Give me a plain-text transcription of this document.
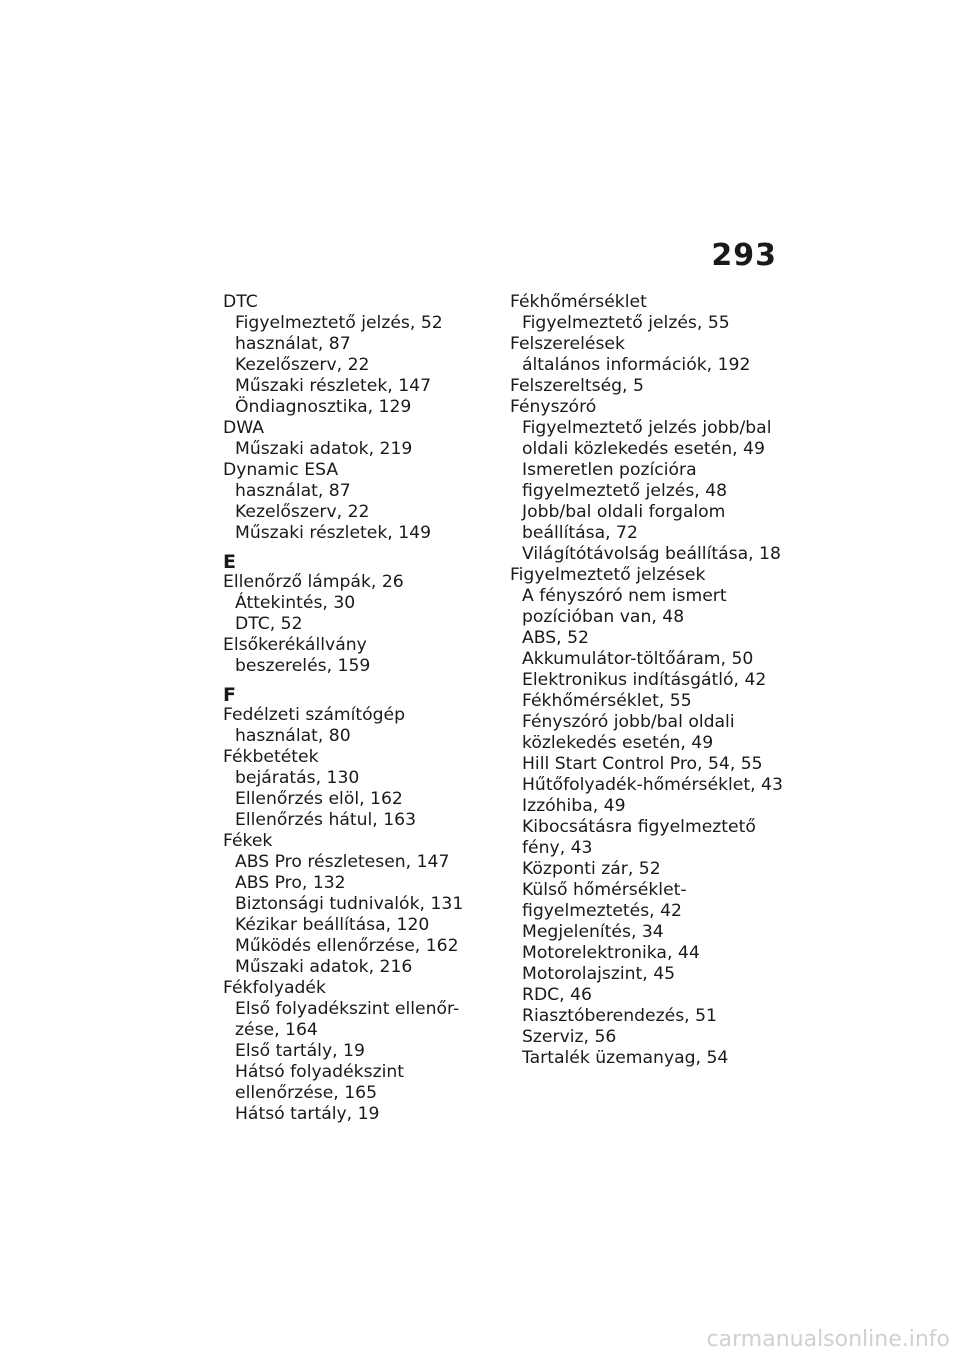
293
DTC
Figyelmeztető jelzés, 52
használat, 87
Kezelőszerv, 22
Műszaki részletek, 147
Öndiagnosztika, 129
DWA
Műszaki adatok, 219
Dynamic ESA
használat, 87
Kezelőszerv, 22
Műszaki részletek, 149
E
Ellenőrző lámpák, 26
Áttekintés, 30
DTC, 52
Elsőkerékállvány
beszerelés, 159
F
Fedélzeti számítógép
használat, 80
Fékbetétek
bejáratás, 130
Ellenőrzés elöl, 162
Ellenőrzés hátul, 163
Fékek
ABS Pro részletesen, 147
ABS Pro, 132
Biztonsági tudnivalók, 131
Kézikar beállítása, 120
Működés ellenőrzése, 162
Műszaki adatok, 216
Fékfolyadék
Első folyadékszint ellenőr-
zése, 164
Első tartály, 19
Hátsó folyadékszint
ellenőrzése, 165
Hátsó tartály, 19
Fékhőmérséklet
Figyelmeztető jelzés, 55
Felszerelések
általános információk, 192
Felszereltség, 5
Fényszóró
Figyelmeztető jelzés jobb/bal
oldali közlekedés esetén, 49
Ismeretlen pozícióra
figyelmeztető jelzés, 48
Jobb/bal oldali forgalom
beállítása, 72
Világítótávolság beállítása, 18
Figyelmeztető jelzések
A fényszóró nem ismert
pozícióban van, 48
ABS, 52
Akkumulátor-töltőáram, 50
Elektronikus indításgátló, 42
Fékhőmérséklet, 55
Fényszóró jobb/bal oldali
közlekedés esetén, 49
Hill Start Control Pro, 54, 55
Hűtőfolyadék-hőmérséklet, 43
Izzóhiba, 49
Kibocsátásra figyelmeztető
fény, 43
Központi zár, 52
Külső hőmérséklet-
figyelmeztetés, 42
Megjelenítés, 34
Motorelektronika, 44
Motorolajszint, 45
RDC, 46
Riasztóberendezés, 51
Szerviz, 56
Tartalék üzemanyag, 54
carmanualsonline.info
